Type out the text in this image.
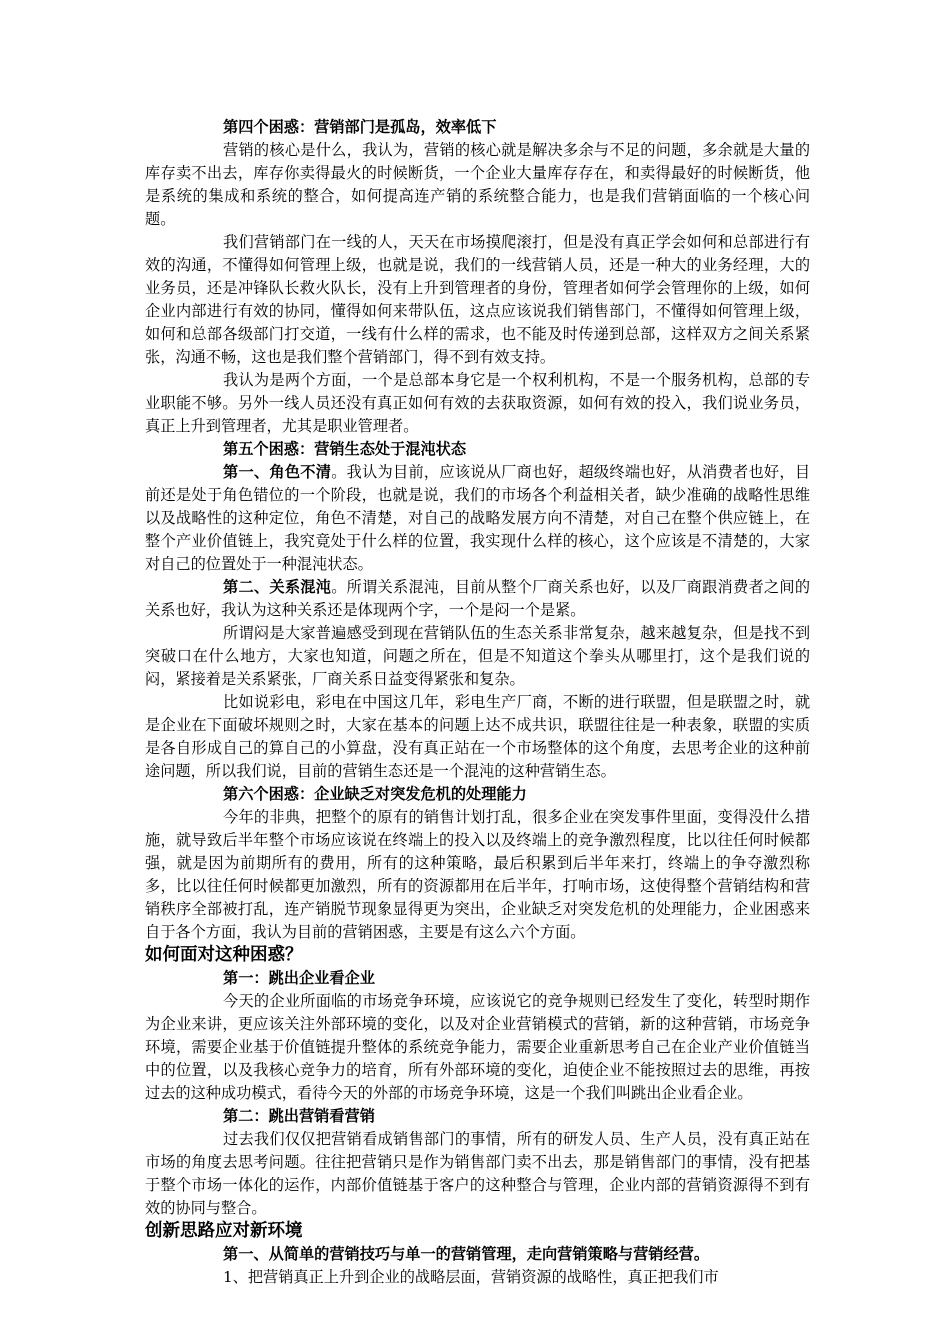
第四个困惑：营销部门是孤岛，效率低下

营销的核心是什么，我认为，营销的核心就是解决多余与不足的问题，多余就是大量的库存卖不出去，库存你卖得最火的时候断货，一个企业大量库存存在，和卖得最好的时候断货，他是系统的集成和系统的整合，如何提高连产销的系统整合能力，也是我们营销面临的一个核心问题。

我们营销部门在一线的人，天天在市场摸爬滚打，但是没有真正学会如何和总部进行有效的沟通，不懂得如何管理上级，也就是说，我们的一线营销人员，还是一种大的业务经理，大的业务员，还是冲锋队长救火队长，没有上升到管理者的身份，管理者如何学会管理你的上级，如何企业内部进行有效的协同，懂得如何来带队伍，这点应该说我们销售部门，不懂得如何管理上级，如何和总部各级部门打交道，一线有什么样的需求，也不能及时传递到总部，这样双方之间关系紧张，沟通不畅，这也是我们整个营销部门，得不到有效支持。

我认为是两个方面，一个是总部本身它是一个权利机构，不是一个服务机构，总部的专业职能不够。另外一线人员还没有真正如何有效的去获取资源，如何有效的投入，我们说业务员，真正上升到管理者，尤其是职业管理者。

第五个困惑：营销生态处于混沌状态

第一、角色不清。我认为目前，应该说从厂商也好，超级终端也好，从消费者也好，目前还是处于角色错位的一个阶段，也就是说，我们的市场各个利益相关者，缺少准确的战略性思维以及战略性的这种定位，角色不清楚，对自己的战略发展方向不清楚，对自己在整个供应链上，在整个产业价值链上，我究竟处于什么样的位置，我实现什么样的核心，这个应该是不清楚的，大家对自己的位置处于一种混沌状态。

第二、关系混沌。所谓关系混沌，目前从整个厂商关系也好，以及厂商跟消费者之间的关系也好，我认为这种关系还是体现两个字，一个是闷一个是紧。

所谓闷是大家普遍感受到现在营销队伍的生态关系非常复杂，越来越复杂，但是找不到突破口在什么地方，大家也知道，问题之所在，但是不知道这个拳头从哪里打，这个是我们说的闷，紧接着是关系紧张，厂商关系日益变得紧张和复杂。

比如说彩电，彩电在中国这几年，彩电生产厂商，不断的进行联盟，但是联盟之时，就是企业在下面破坏规则之时，大家在基本的问题上达不成共识，联盟往往是一种表象，联盟的实质是各自形成自己的算自己的小算盘，没有真正站在一个市场整体的这个角度，去思考企业的这种前途问题，所以我们说，目前的营销生态还是一个混沌的这种营销生态。

第六个困惑：企业缺乏对突发危机的处理能力

今年的非典，把整个的原有的销售计划打乱，很多企业在突发事件里面，变得没什么措施，就导致后半年整个市场应该说在终端上的投入以及终端上的竞争激烈程度，比以往任何时候都强，就是因为前期所有的费用，所有的这种策略，最后积累到后半年来打，终端上的争夺激烈称多，比以往任何时候都更加激烈，所有的资源都用在后半年，打响市场，这使得整个营销结构和营销秩序全部被打乱，连产销脱节现象显得更为突出，企业缺乏对突发危机的处理能力，企业困惑来自于各个方面，我认为目前的营销困惑，主要是有这么六个方面。

如何面对这种困惑？

第一：跳出企业看企业

今天的企业所面临的市场竞争环境，应该说它的竞争规则已经发生了变化，转型时期作为企业来讲，更应该关注外部环境的变化，以及对企业营销模式的营销，新的这种营销，市场竞争环境，需要企业基于价值链提升整体的系统竞争能力，需要企业重新思考自己在企业产业价值链当中的位置，以及我核心竞争力的培育，所有外部环境的变化，迫使企业不能按照过去的思维，再按过去的这种成功模式，看待今天的外部的市场竞争环境，这是一个我们叫跳出企业看企业。

第二：跳出营销看营销

过去我们仅仅把营销看成销售部门的事情，所有的研发人员、生产人员，没有真正站在市场的角度去思考问题。往往把营销只是作为销售部门卖不出去，那是销售部门的事情，没有把基于整个市场一体化的运作，内部价值链基于客户的这种整合与管理，企业内部的营销资源得不到有效的协同与整合。

创新思路应对新环境

第一、从简单的营销技巧与单一的营销管理，走向营销策略与营销经营。

1、把营销真正上升到企业的战略层面，营销资源的战略性，真正把我们市
